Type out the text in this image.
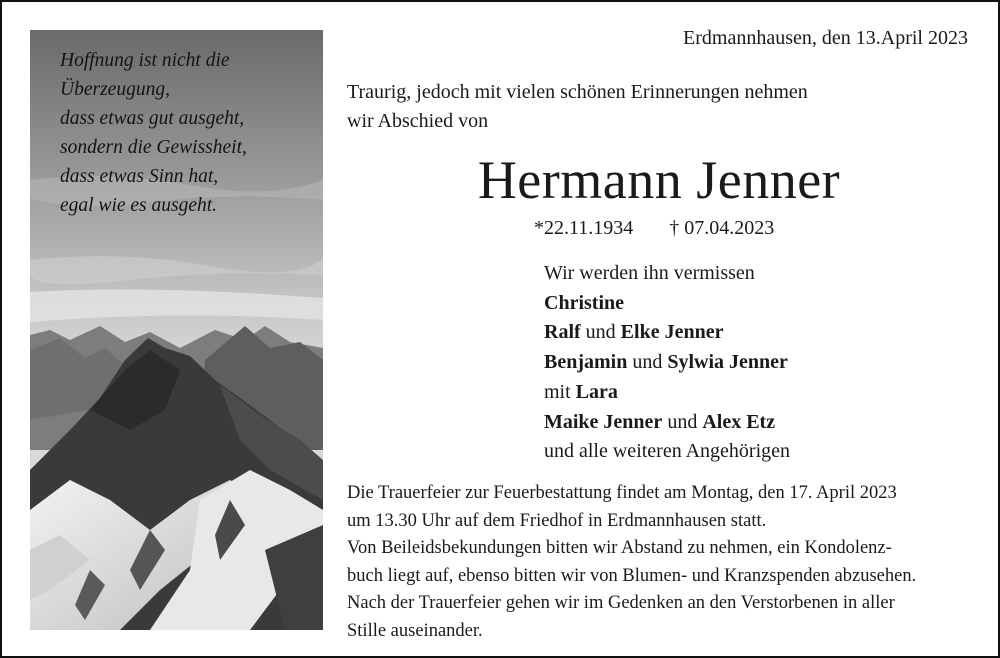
Hoffnung ist nicht die
Überzeugung,
dass etwas gut ausgeht,
sondern die Gewissheit,
dass etwas Sinn hat,
egal wie es ausgeht.
Erdmannhausen, den 13.April 2023
Traurig, jedoch mit vielen schönen Erinnerungen nehmen
wir Abschied von
Hermann Jenner
*22.11.1934 † 07.04.2023
Wir werden ihn vermissen
Christine
Ralf und Elke Jenner
Benjamin und Sylwia Jenner
mit Lara
Maike Jenner und Alex Etz
und alle weiteren Angehörigen
Die Trauerfeier zur Feuerbestattung findet am Montag, den 17. April 2023
um 13.30 Uhr auf dem Friedhof in Erdmannhausen statt.
Von Beileidsbekundungen bitten wir Abstand zu nehmen, ein Kondolenz-
buch liegt auf, ebenso bitten wir von Blumen- und Kranzspenden abzusehen.
Nach der Trauerfeier gehen wir im Gedenken an den Verstorbenen in aller
Stille auseinander.
